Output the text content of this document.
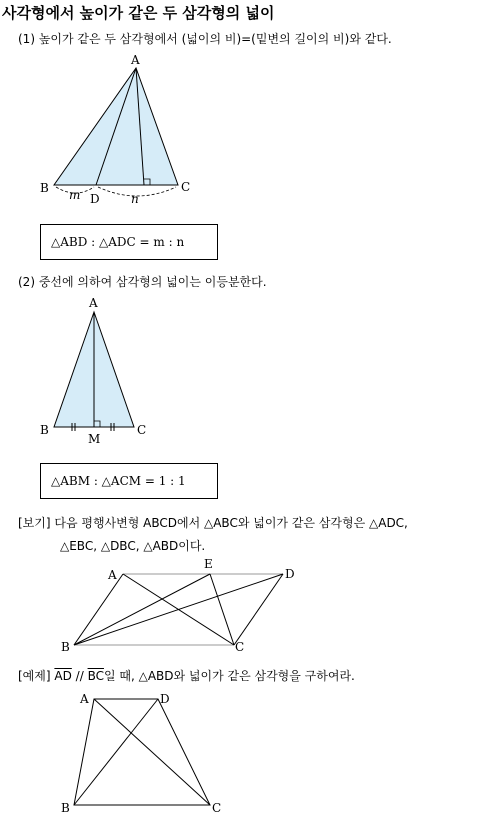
사각형에서 높이가 같은 두 삼각형의 넓이
(1) 높이가 같은 두 삼각형에서 (넓이의 비)=(밑변의 길이의 비)와 같다.
A
B	C
D
m	n
A
B	C
M
A
E
D
B	C
A	D
B	C
△ABD : △ADC = m : n
(2) 중선에 의하여 삼각형의 넓이는 이등분한다.
△ABM : △ACM = 1 : 1
[보기] 다음 평행사변형 ABCD에서 △ABC와 넓이가 같은 삼각형은 △ADC,
△EBC, △DBC, △ABD이다.
[예제] $\overline{AD} // \overline{BC}$일 때, △ABD와 넓이가 같은 삼각형을 구하여라.
